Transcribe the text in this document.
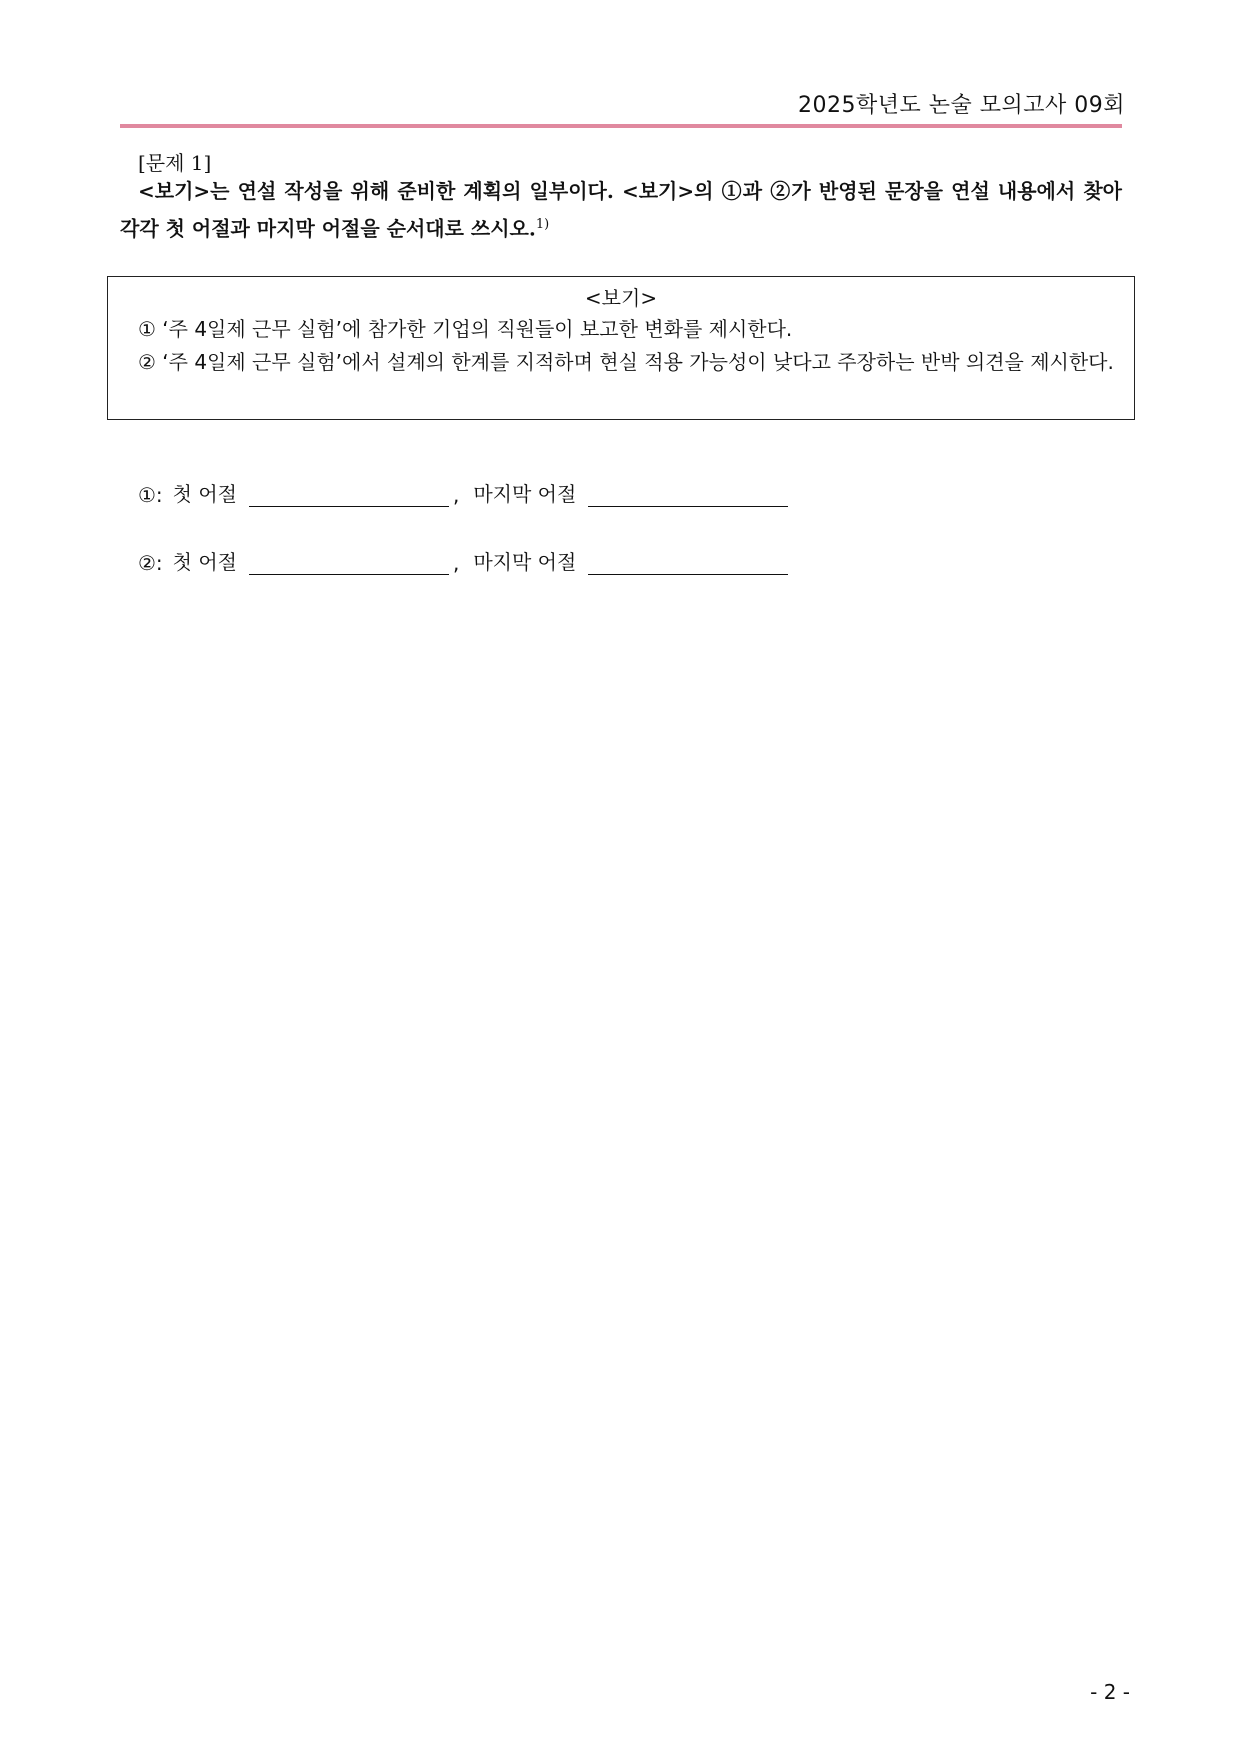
2025학년도 논술 모의고사 09회
[문제 1]
<보기>는 연설 작성을 위해 준비한 계획의 일부이다. <보기>의 ①과 ②가 반영된 문장을 연설 내용에서 찾아 각각 첫 어절과 마지막 어절을 순서대로 쓰시오.$^{1)}$
<보기>
① ‘주 4일제 근무 실험’에 참가한 기업의 직원들이 보고한 변화를 제시한다.
② ‘주 4일제 근무 실험’에서 설계의 한계를 지적하며 현실 적용 가능성이 낮다고 주장하는 반박 의견을 제시한다.
①: 첫 어절	, 마지막 어절
②: 첫 어절	, 마지막 어절
- 2 -
